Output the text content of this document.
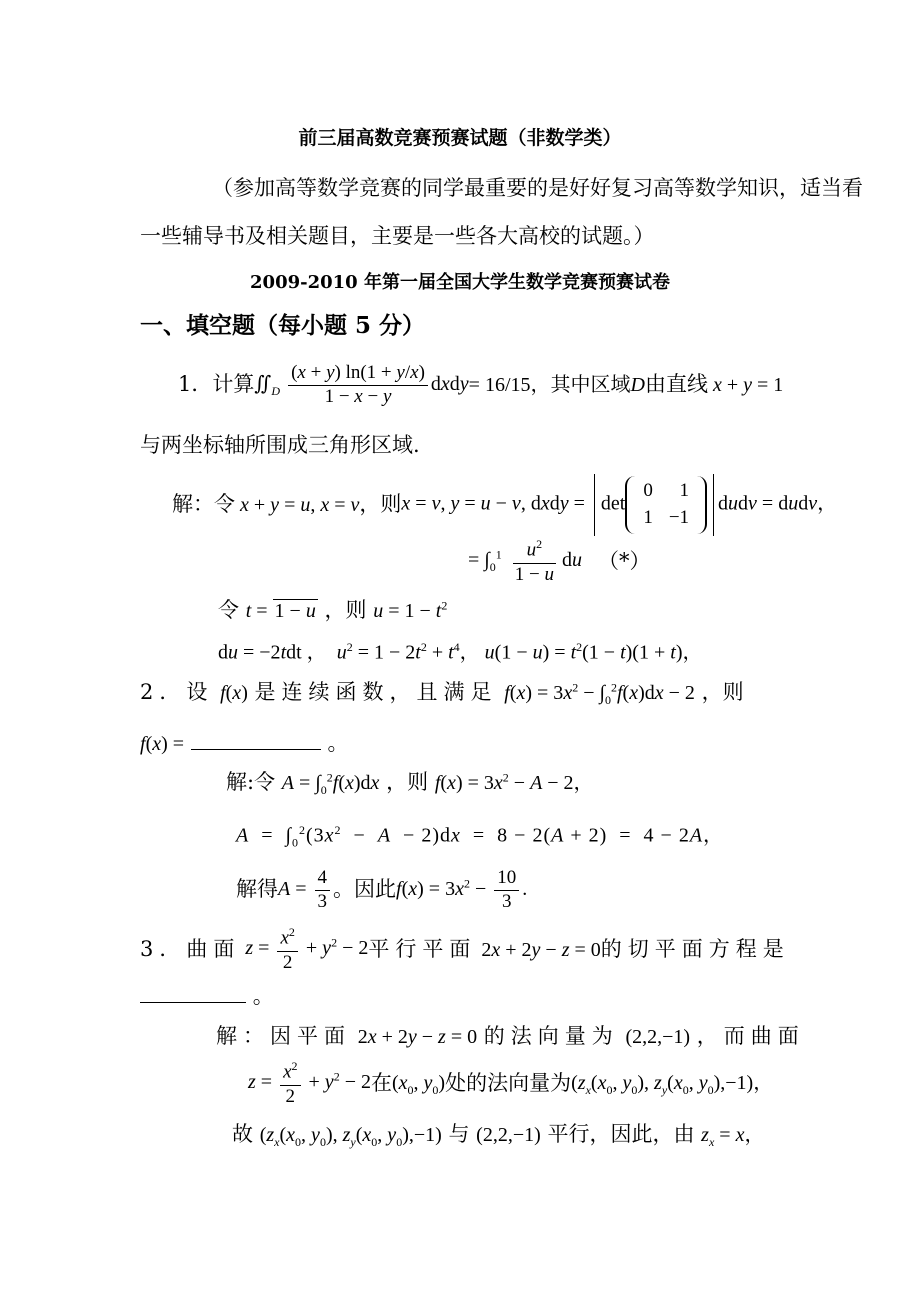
前三届高数竞赛预赛试题（非数学类）
（参加高等数学竞赛的同学最重要的是好好复习高等数学知识，适当看
一些辅导书及相关题目，主要是一些各大高校的试题。）
2009-2010 年第一届全国大学生数学竞赛预赛试卷
一、填空题（每小题 5 分）
1．计算 $∬_D \frac{(x + y) \ln(1 + y/x)}{1 - x - y}$ dxdy = 16/15，其中区域 D 由直线 x + y = 1
与两坐标轴所围成三角形区域.
解：令 x + y = u, x = v ，则 x = v, y = u − v, dxdy = det
0	1
1	−1
dudv = dudv，
= $\int_0^1 \frac{u^2}{1 - u}$ du （*）
令 t = 1 − u ，则 $u = 1 - t^2$
du = −2tdt ，  $u^2 = 1 - 2t^2 + t^4$， $u(1 - u) = t^2(1 - t)(1 + t)$，
2．设 f(x) 是连续函数，且满足 $f(x) = 3x^2 - \int_0^2f(x)dx - 2$ ，则
f(x) =	。
解:令 $A = \int_0^2f(x)dx$ ，则 $f(x) = 3x^2 - A - 2$，
$A = \int_0^2(3x^2 - A - 2)dx = 8 - 2(A + 2) = 4 - 2A$，
解得 $A = \frac{4}{3}$ 。因此 $f(x) = 3x^2 - \frac{10}{3}$ .
3．曲面 $z = \frac{x^2}{2} + y^2 - 2$ 平行平面 2x + 2y − z = 0 的切平面方程是
。
解：因平面 2x + 2y − z = 0 的法向量为 (2,2,−1) ，而曲面
$z = \frac{x^2}{2} + y^2 - 2$ 在 ($x_0$, $y_0$) 处的法向量为 ($z_x(x_0$, $y_0$), $z_y(x_0$, $y_0),-1$)，
故 ($z_x(x_0$, $y_0$), $z_y(x_0$, $y_0),-1$) 与 (2,2,−1) 平行，因此，由 $z_x = x$，
